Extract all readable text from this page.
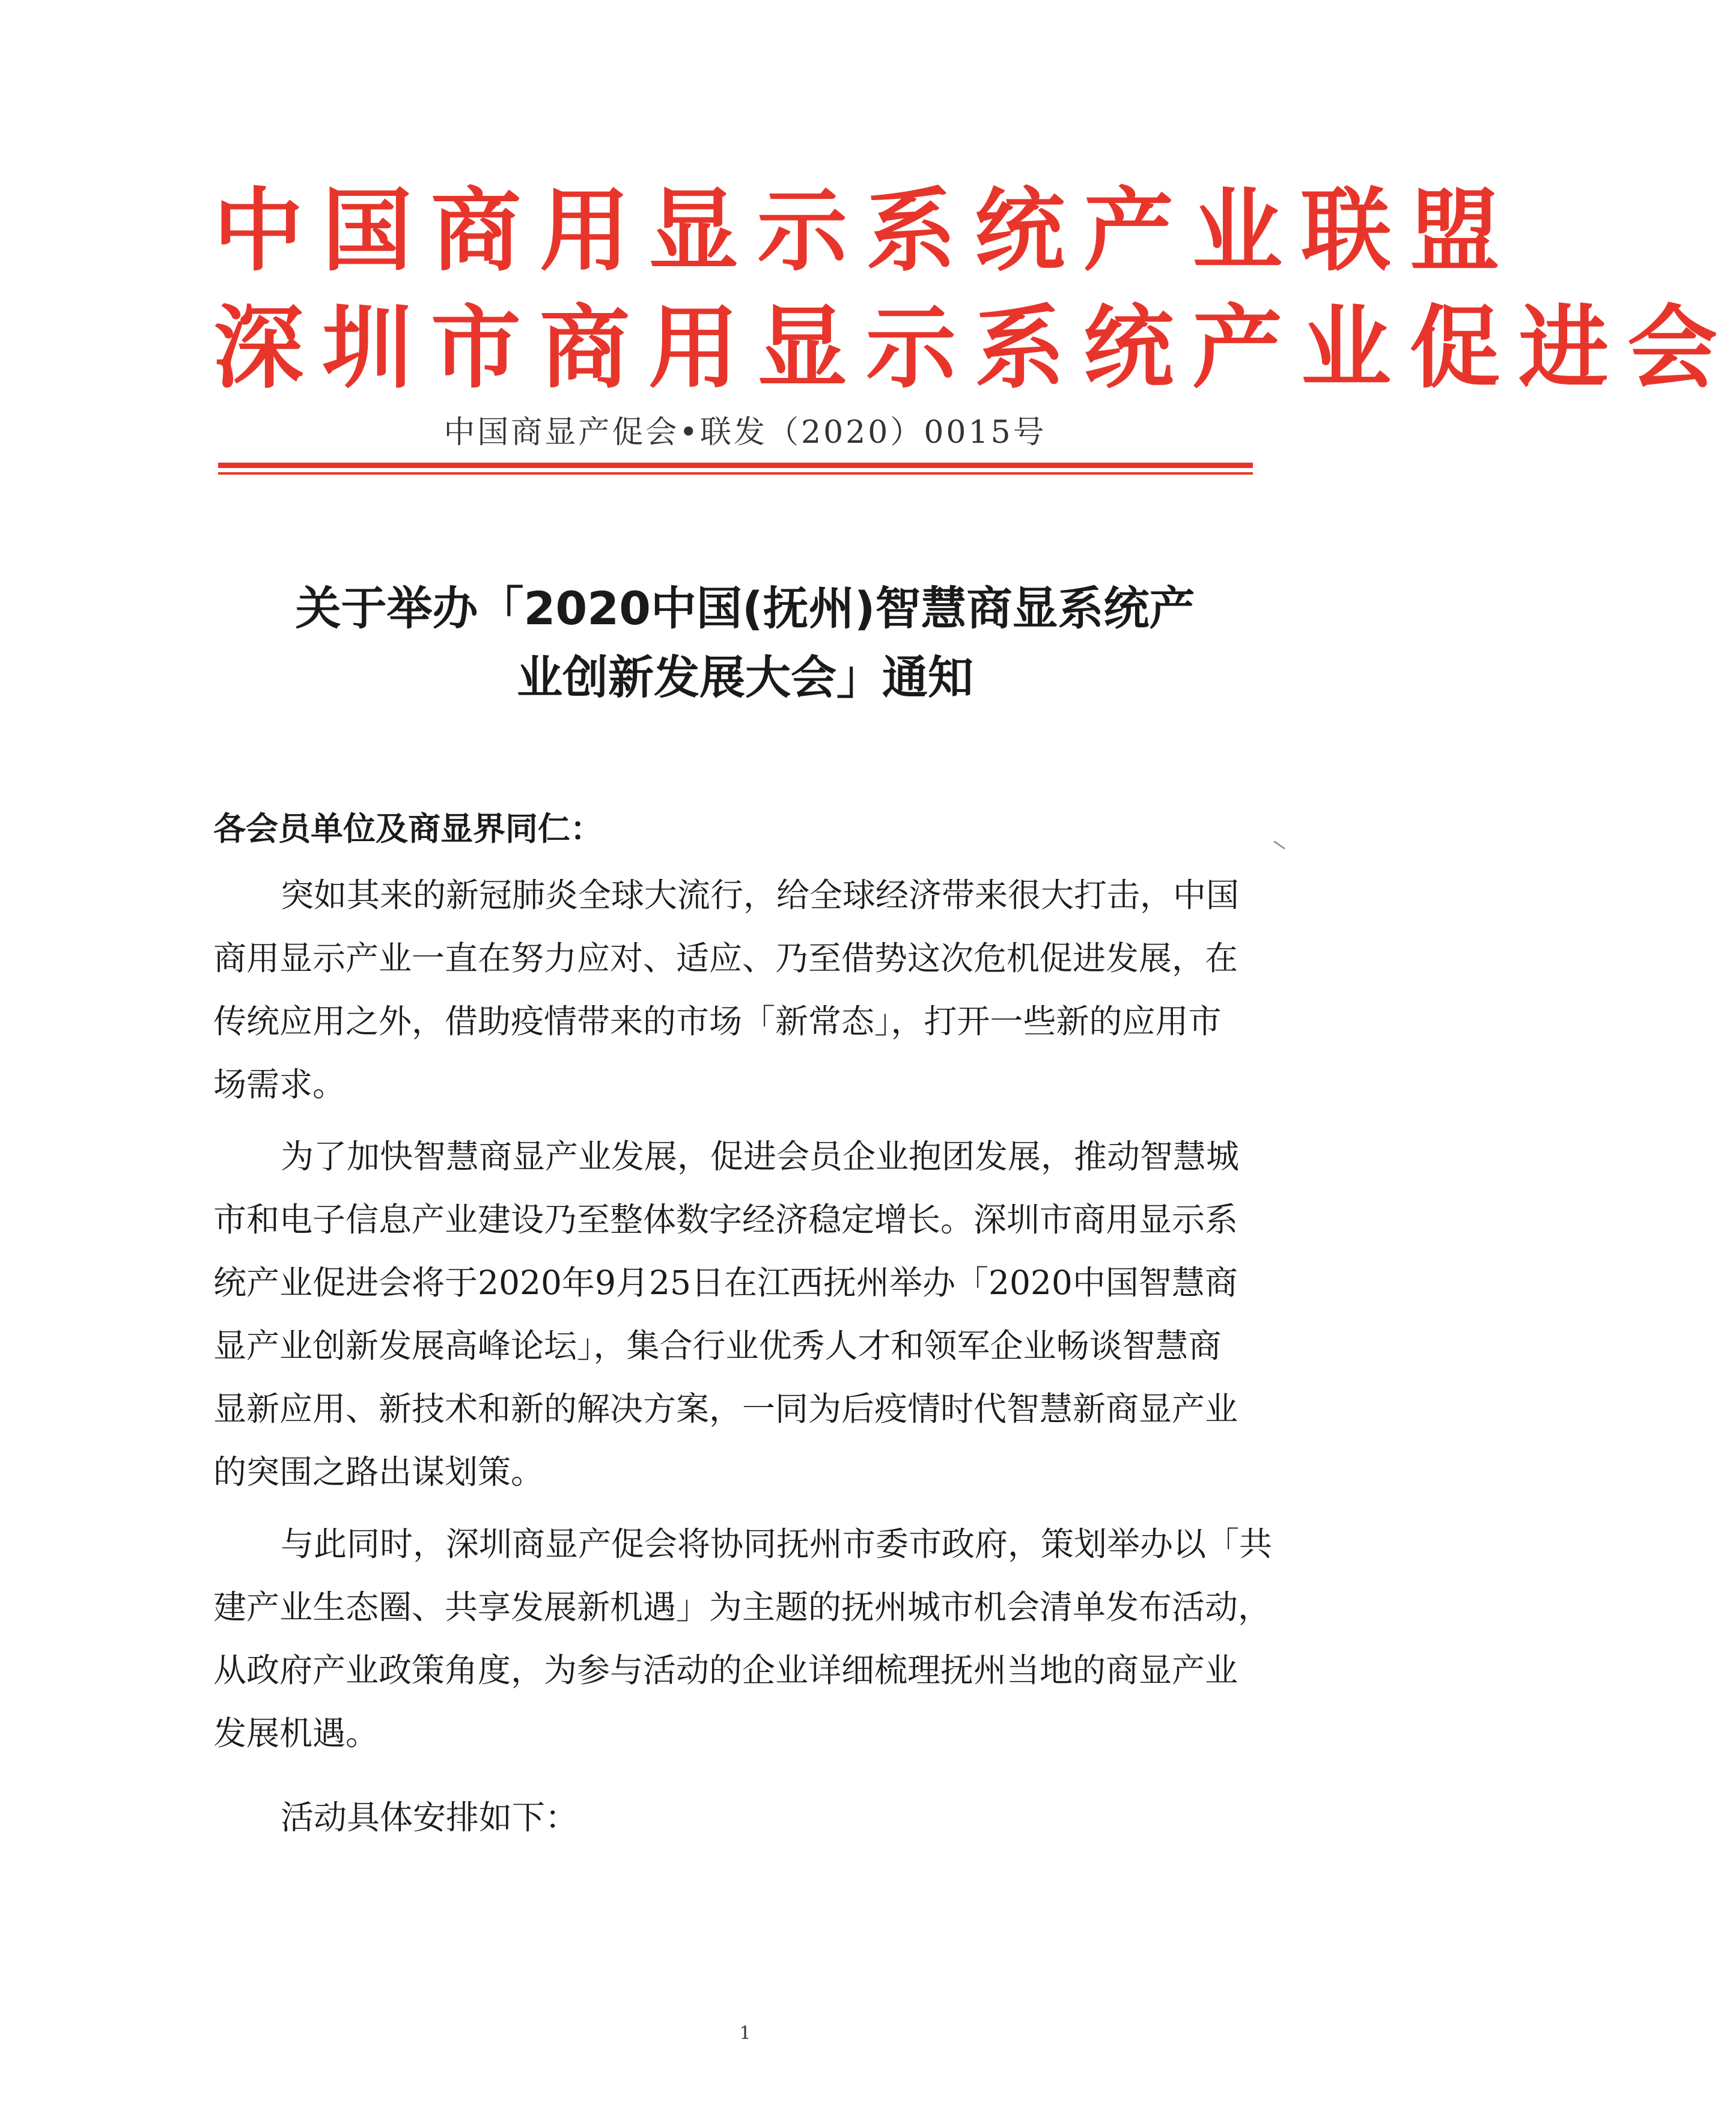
中国商用显示系统产业联盟
深圳市商用显示系统产业促进会
中国商显产促会•联发（2020）0015号
关于举办「2020中国(抚州)智慧商显系统产
业创新发展大会」通知
各会员单位及商显界同仁：
突如其来的新冠肺炎全球大流行，给全球经济带来很大打击，中国
商用显示产业一直在努力应对、适应、乃至借势这次危机促进发展，在
传统应用之外，借助疫情带来的市场「新常态」，打开一些新的应用市
场需求。
为了加快智慧商显产业发展，促进会员企业抱团发展，推动智慧城
市和电子信息产业建设乃至整体数字经济稳定增长。深圳市商用显示系
统产业促进会将于2020年9月25日在江西抚州举办「2020中国智慧商
显产业创新发展高峰论坛」，集合行业优秀人才和领军企业畅谈智慧商
显新应用、新技术和新的解决方案，一同为后疫情时代智慧新商显产业
的突围之路出谋划策。
与此同时，深圳商显产促会将协同抚州市委市政府，策划举办以「共
建产业生态圈、共享发展新机遇」为主题的抚州城市机会清单发布活动，
从政府产业政策角度，为参与活动的企业详细梳理抚州当地的商显产业
发展机遇。
活动具体安排如下：
1
